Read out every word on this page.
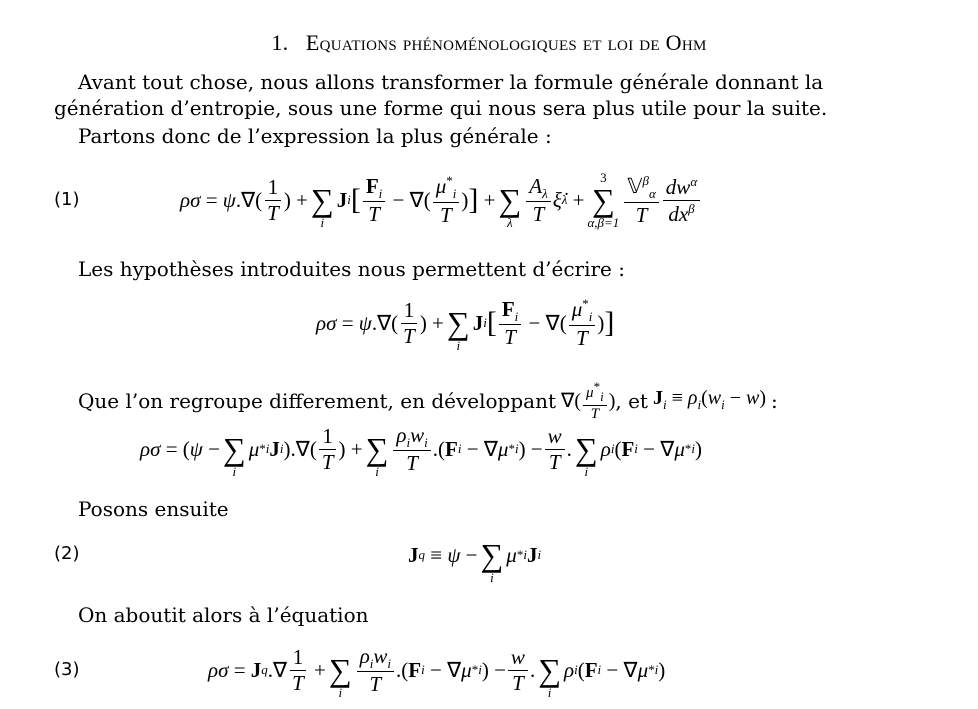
1. Equations phénoménologiques et loi de Ohm
Avant tout chose, nous allons transformer la formule générale donnant la
génération d’entropie, sous une forme qui nous sera plus utile pour la suite.
Partons donc de l’expression la plus générale :
(1)	ρσ = ψ .∇( $\frac{1}{T}$ ) +
∑
i
J i [ $\frac{F_i}{T}$ − ∇( $\frac{\mu^*_i}{T}$ ) ] +
∑
λ $\frac{A_\lambda}{T}$ ξ̇ λ +
3
∑
$\alpha,\beta=1 \frac{𝕍^\beta_\alpha}{T} \frac{dw^\alpha}{dx^\beta}$
Les hypothèses introduites nous permettent d’écrire :
ρσ = ψ .∇( $\frac{1}{T}$ ) +
∑
i
J i [ $\frac{F_i}{T}$ − ∇( $\frac{\mu^*_i}{T}$ ) ]
Que l’on regroupe differement, en développant ∇( $\frac{\mu^*_i}{T}$ ) , et $J_i \equiv \rho_i(w_i - w)$ :
ρσ = ( ψ −
∑
i
μ * i J i ).∇( $\frac{1}{T}$ ) +
∑
i $\frac{\rho_iw_i}{T}$ .( F i − ∇ μ * i ) − $\frac{w}{T}$ .
∑
i
ρ i ( F i − ∇ μ * i )
Posons ensuite
(2)	J q ≡ ψ −
∑
i
μ * i J i
On aboutit alors à l’équation
(3)	ρσ = J q .∇ $\frac{1}{T}$ +
∑
i $\frac{\rho_iw_i}{T}$ .( F i − ∇ μ * i ) − $\frac{w}{T}$ .
∑
i
ρ i ( F i − ∇ μ * i )
